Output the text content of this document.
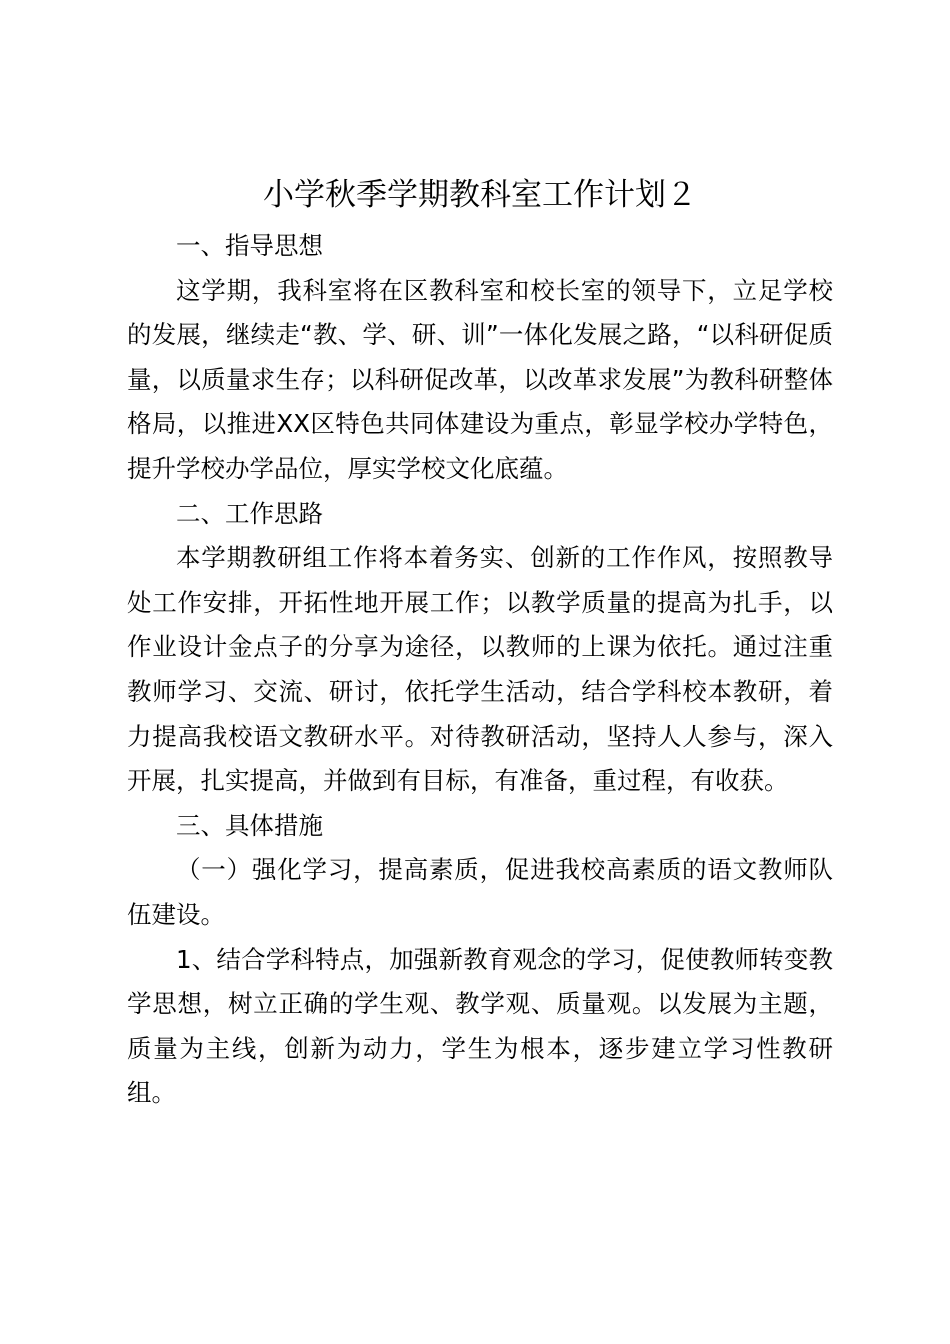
小学秋季学期教科室工作计划２

一、指导思想

这学期，我科室将在区教科室和校长室的领导下，立足学校的发展，继续走“教、学、研、训”一体化发展之路，“以科研促质量，以质量求生存；以科研促改革，以改革求发展”为教科研整体格局，以推进XX区特色共同体建设为重点，彰显学校办学特色，提升学校办学品位，厚实学校文化底蕴。

二、工作思路

本学期教研组工作将本着务实、创新的工作作风，按照教导处工作安排，开拓性地开展工作；以教学质量的提高为扎手，以作业设计金点子的分享为途径，以教师的上课为依托。通过注重教师学习、交流、研讨，依托学生活动，结合学科校本教研，着力提高我校语文教研水平。对待教研活动，坚持人人参与，深入开展，扎实提高，并做到有目标，有准备，重过程，有收获。

三、具体措施

（一）强化学习，提高素质，促进我校高素质的语文教师队伍建设。

1、结合学科特点，加强新教育观念的学习，促使教师转变教学思想，树立正确的学生观、教学观、质量观。以发展为主题，质量为主线，创新为动力，学生为根本，逐步建立学习性教研组。
